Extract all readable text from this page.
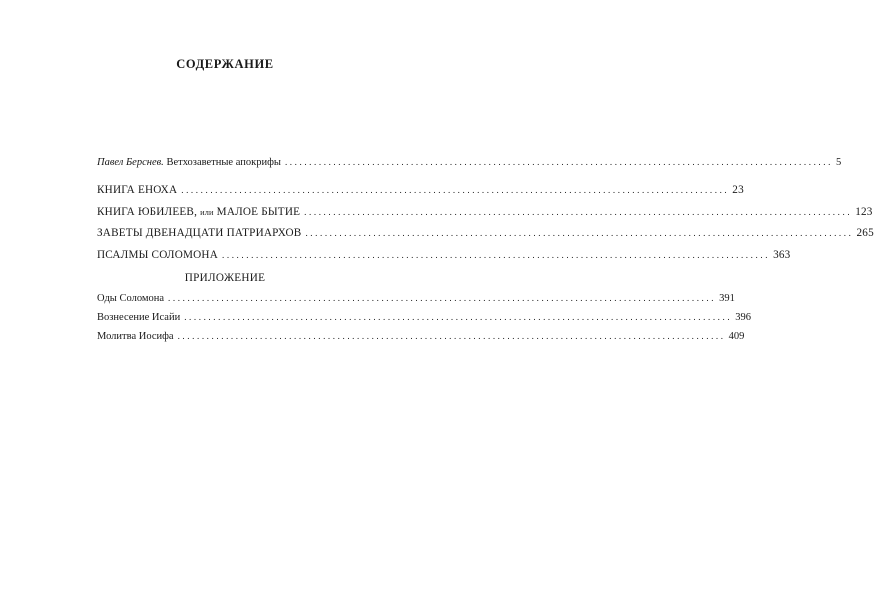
СОДЕРЖАНИЕ
Павел Берснев. Ветхозаветные апокрифы ................................................................................................................. 5
КНИГА ЕНОХА ................................................................................................................. 23
КНИГА ЮБИЛЕЕВ, или МАЛОЕ БЫТИЕ ................................................................................................................. 123
ЗАВЕТЫ ДВЕНАДЦАТИ ПАТРИАРХОВ ................................................................................................................. 265
ПСАЛМЫ СОЛОМОНА ................................................................................................................. 363
ПРИЛОЖЕНИЕ
Оды Соломона ................................................................................................................. 391
Вознесение Исайи ................................................................................................................. 396
Молитва Иосифа ................................................................................................................. 409
